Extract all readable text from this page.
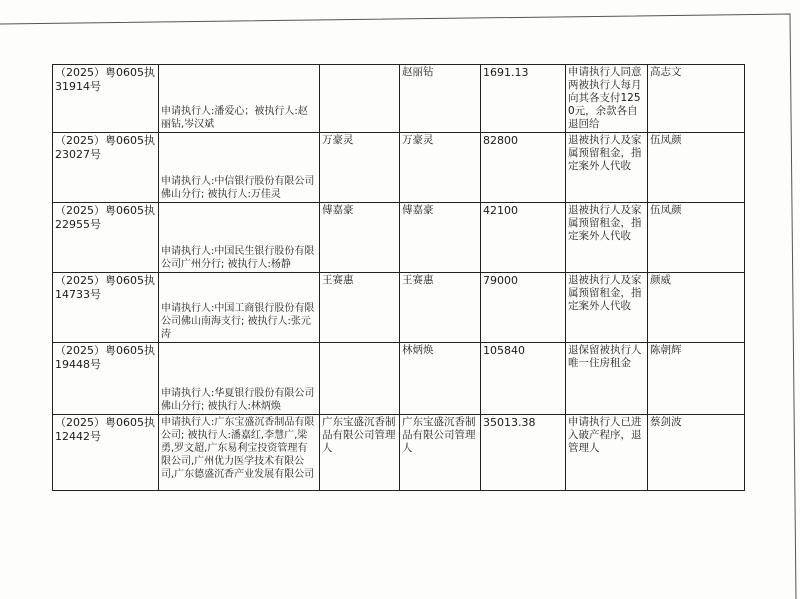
（2025）粤0605执31914号	申请执行人:潘爱心；被执行人:赵丽钻,岑汉斌		赵丽钻	1691.13	申请执行人同意两被执行人每月向其各支付1250元，余款各自退回给	高志文
（2025）粤0605执23027号	申请执行人:中信银行股份有限公司佛山分行; 被执行人:万佳灵	万豪灵	万豪灵	82800	退被执行人及家属预留租金，指定案外人代收	伍凤颜
（2025）粤0605执22955号	申请执行人:中国民生银行股份有限公司广州分行; 被执行人:杨静	傅嘉豪	傅嘉豪	42100	退被执行人及家属预留租金，指定案外人代收	伍凤颜
（2025）粤0605执14733号	申请执行人:中国工商银行股份有限公司佛山南海支行; 被执行人:张元涛	王赛惠	王赛惠	79000	退被执行人及家属预留租金，指定案外人代收	颜威
（2025）粤0605执19448号	申请执行人:华夏银行股份有限公司佛山分行; 被执行人:林炳焕		林炳焕	105840	退保留被执行人唯一住房租金	陈朝辉
（2025）粤0605执12442号	申请执行人:广东宝盛沉香制品有限公司; 被执行人:潘嘉红,李慧广,梁勇,罗文超,广东易利宝投资管理有限公司,广州优力医学技术有限公司,广东德盛沉香产业发展有限公司	广东宝盛沉香制品有限公司管理人	广东宝盛沉香制品有限公司管理人	35013.38	申请执行人已进入破产程序，退管理人	蔡剑波
